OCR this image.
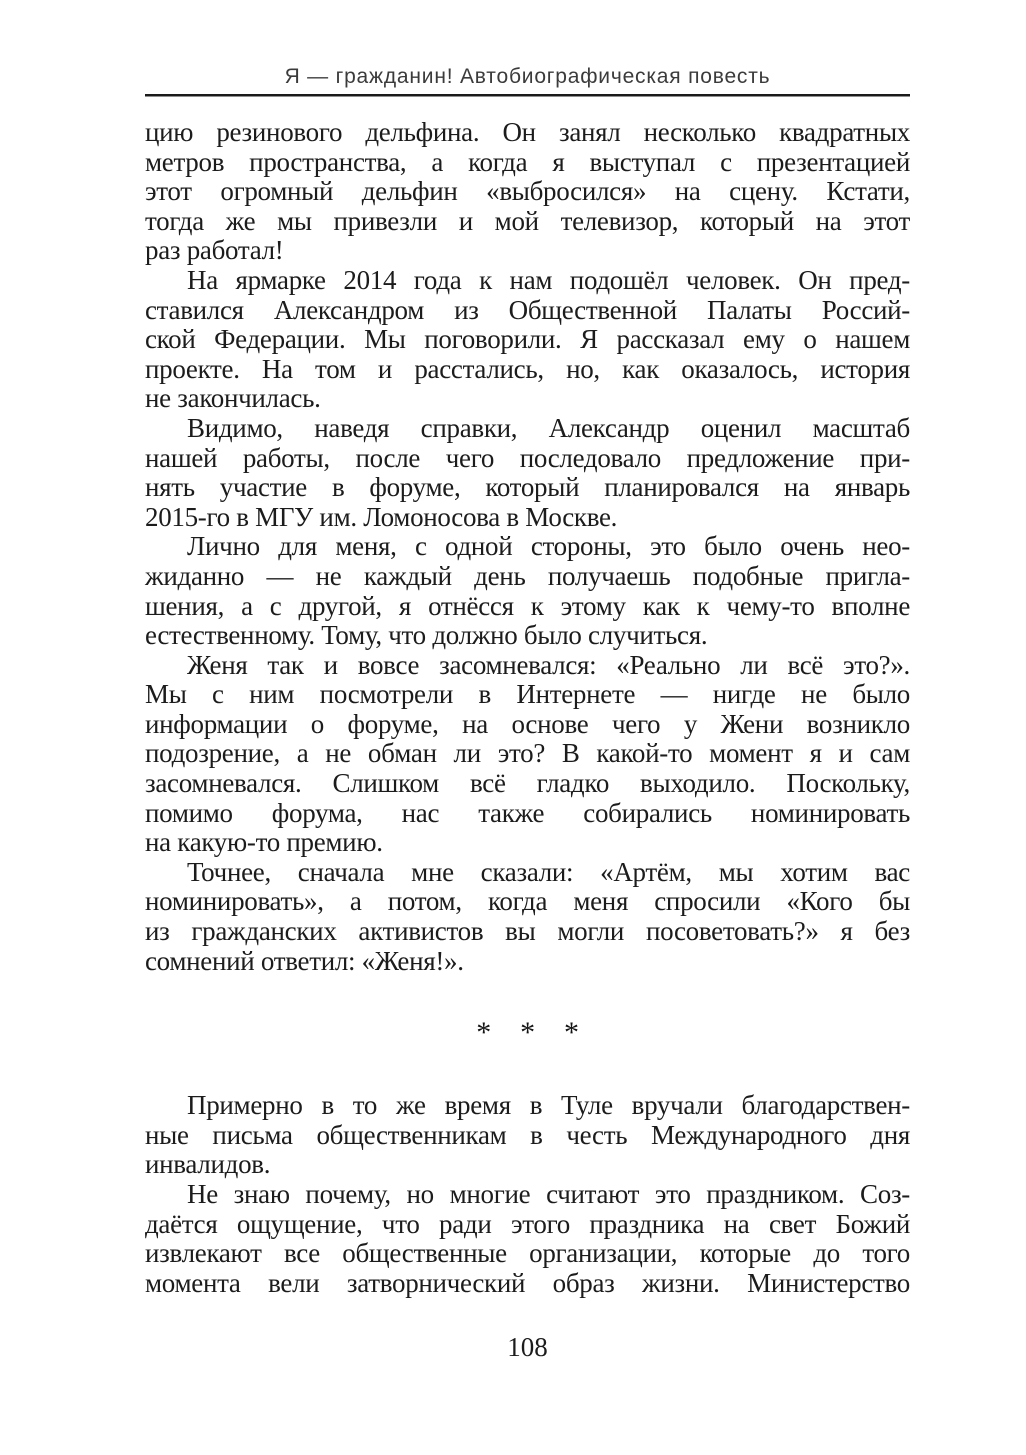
Я — гражданин! Автобиографическая повесть
цию резинового дельфина. Он занял несколько квадратных
метров пространства, а когда я выступал с презентацией
этот огромный дельфин «выбросился» на сцену. Кстати,
тогда же мы привезли и мой телевизор, который на этот
раз работал!
На ярмарке 2014 года к нам подошёл человек. Он пред-
ставился Александром из Общественной Палаты Россий-
ской Федерации. Мы поговорили. Я рассказал ему о нашем
проекте. На том и расстались, но, как оказалось, история
не закончилась.
Видимо, наведя справки, Александр оценил масштаб
нашей работы, после чего последовало предложение при-
нять участие в форуме, который планировался на январь
2015-го в МГУ им. Ломоносова в Москве.
Лично для меня, с одной стороны, это было очень нео-
жиданно — не каждый день получаешь подобные пригла-
шения, а с другой, я отнёсся к этому как к чему-то вполне
естественному. Тому, что должно было случиться.
Женя так и вовсе засомневался: «Реально ли всё это?».
Мы с ним посмотрели в Интернете — нигде не было
информации о форуме, на основе чего у Жени возникло
подозрение, а не обман ли это? В какой-то момент я и сам
засомневался. Слишком всё гладко выходило. Поскольку,
помимо форума, нас также собирались номинировать
на какую-то премию.
Точнее, сначала мне сказали: «Артём, мы хотим вас
номинировать», а потом, когда меня спросили «Кого бы
из гражданских активистов вы могли посоветовать?» я без
сомнений ответил: «Женя!».
* * *
Примерно в то же время в Туле вручали благодарствен-
ные письма общественникам в честь Международного дня
инвалидов.
Не знаю почему, но многие считают это праздником. Соз-
даётся ощущение, что ради этого праздника на свет Божий
извлекают все общественные организации, которые до того
момента вели затворнический образ жизни. Министерство
108
